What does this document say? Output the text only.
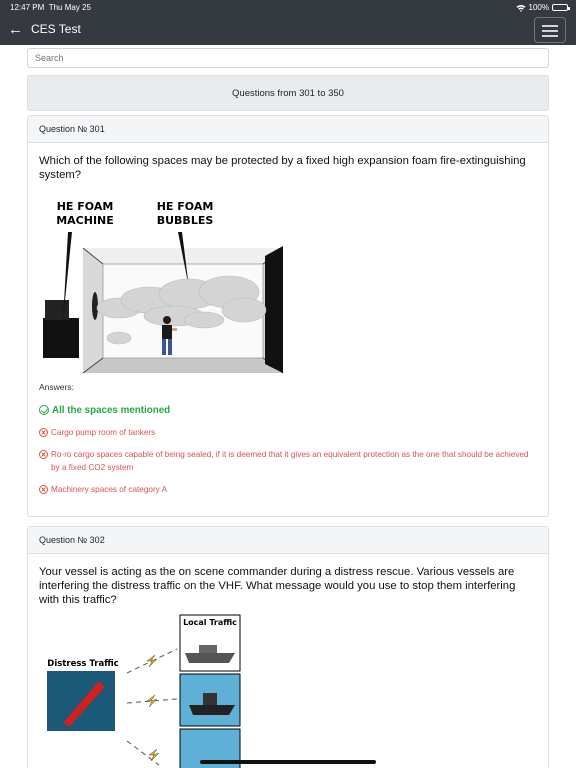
12:47 PM Thu May 25	100%
← CES Test
Search
Questions from 301 to 350
Question № 301
Which of the following spaces may be protected by a fixed high expansion foam fire-extinguishing system?
HE FOAM
MACHINE
HE FOAM
BUBBLES
Answers:
All the spaces mentioned
Cargo pump room of tankers
Ro-ro cargo spaces capable of being sealed, if it is deemed that it gives an equivalent protection as the one that should be achieved by a fixed CO2 system
Machinery spaces of category A
Question № 302
Your vessel is acting as the on scene commander during a distress rescue. Various vessels are interfering the distress traffic on the VHF. What message would you use to stop them interfering with this traffic?
Distress Traffic
Local Traffic
